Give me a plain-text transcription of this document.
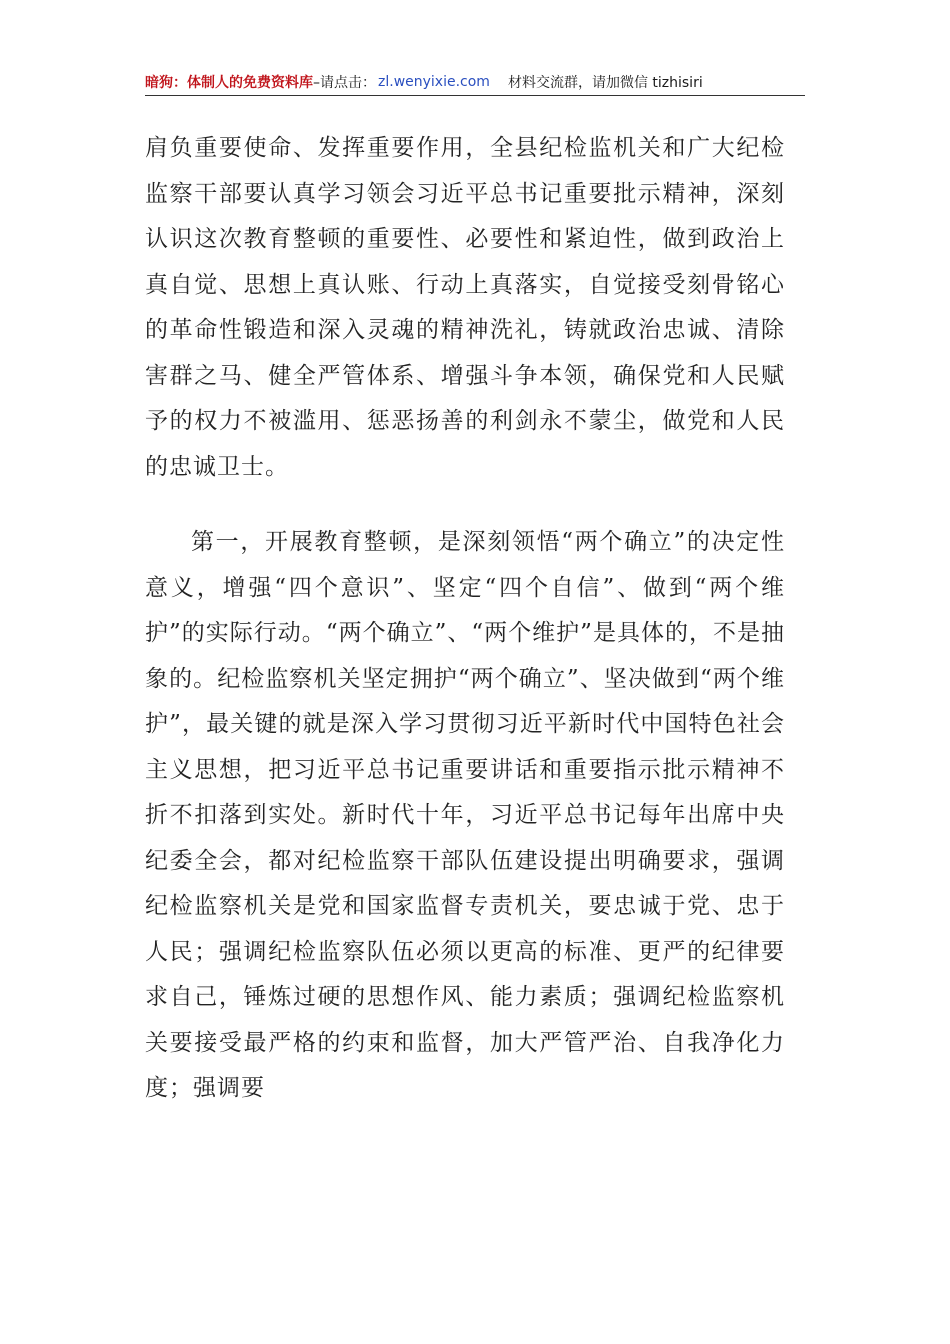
暗狗：体制人的免费资料库 –请点击： zl.wenyixie.com 材料交流群，请加微信 tizhisiri

肩负重要使命、发挥重要作用，全县纪检监机关和广大纪检监察干部要认真学习领会习近平总书记重要批示精神，深刻认识这次教育整顿的重要性、必要性和紧迫性，做到政治上真自觉、思想上真认账、行动上真落实，自觉接受刻骨铭心的革命性锻造和深入灵魂的精神洗礼，铸就政治忠诚、清除害群之马、健全严管体系、增强斗争本领，确保党和人民赋予的权力不被滥用、惩恶扬善的利剑永不蒙尘，做党和人民的忠诚卫士。

第一，开展教育整顿，是深刻领悟“两个确立”的决定性意义，增强“四个意识”、坚定“四个自信”、做到“两个维护”的实际行动。“两个确立”、“两个维护”是具体的，不是抽象的。纪检监察机关坚定拥护“两个确立”、坚决做到“两个维护”，最关键的就是深入学习贯彻习近平新时代中国特色社会主义思想，把习近平总书记重要讲话和重要指示批示精神不折不扣落到实处。新时代十年，习近平总书记每年出席中央纪委全会，都对纪检监察干部队伍建设提出明确要求，强调纪检监察机关是党和国家监督专责机关，要忠诚于党、忠于人民；强调纪检监察队伍必须以更高的标准、更严的纪律要求自己，锤炼过硬的思想作风、能力素质；强调纪检监察机关要接受最严格的约束和监督，加大严管严治、自我净化力度；强调要
